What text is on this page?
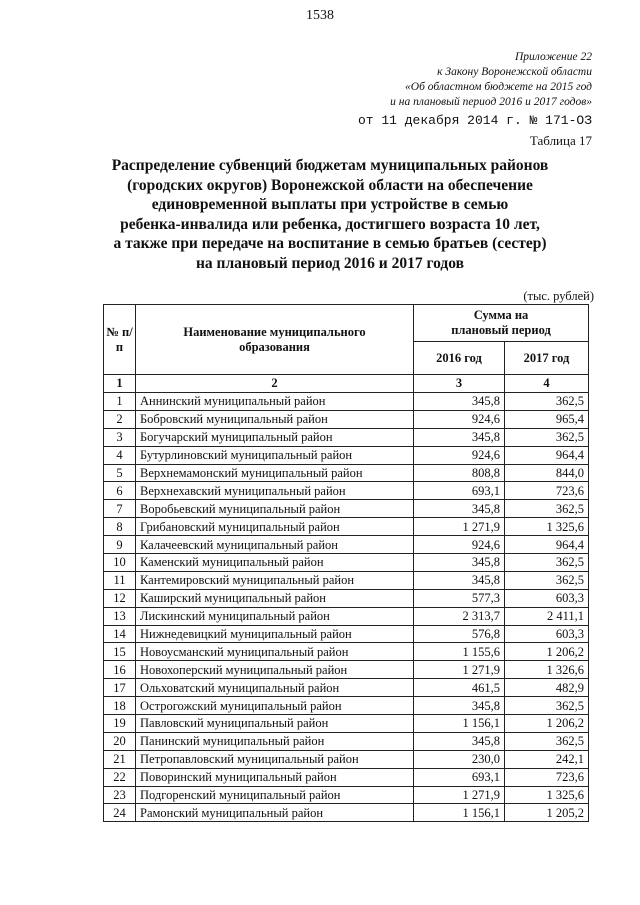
1538
Приложение 22
к Закону Воронежской области
«Об областном бюджете на 2015 год
и на плановый период 2016 и 2017 годов»
от 11 декабря 2014 г. № 171-ОЗ
Таблица 17
Распределение субвенций бюджетам муниципальных районов
(городских округов) Воронежской области на обеспечение
единовременной выплаты при устройстве в семью
ребенка-инвалида или ребенка, достигшего возраста 10 лет,
а также при передаче на воспитание в семью братьев (сестер)
на плановый период 2016 и 2017 годов
(тыс. рублей)
№ п/п	Наименование муниципального образования	Сумма на плановый период	
		2016 год	2017 год
1	2	3	4
1	Аннинский муниципальный район	345,8	362,5
2	Бобровский муниципальный район	924,6	965,4
3	Богучарский муниципальный район	345,8	362,5
4	Бутурлиновский муниципальный район	924,6	964,4
5	Верхнемамонский муниципальный район	808,8	844,0
6	Верхнехавский муниципальный район	693,1	723,6
7	Воробьевский муниципальный район	345,8	362,5
8	Грибановский муниципальный район	1 271,9	1 325,6
9	Калачеевский муниципальный район	924,6	964,4
10	Каменский муниципальный район	345,8	362,5
11	Кантемировский муниципальный район	345,8	362,5
12	Каширский муниципальный район	577,3	603,3
13	Лискинский муниципальный район	2 313,7	2 411,1
14	Нижнедевицкий муниципальный район	576,8	603,3
15	Новоусманский муниципальный район	1 155,6	1 206,2
16	Новохоперский муниципальный район	1 271,9	1 326,6
17	Ольховатский муниципальный район	461,5	482,9
18	Острогожский муниципальный район	345,8	362,5
19	Павловский муниципальный район	1 156,1	1 206,2
20	Панинский муниципальный район	345,8	362,5
21	Петропавловский муниципальный район	230,0	242,1
22	Поворинский муниципальный район	693,1	723,6
23	Подгоренский муниципальный район	1 271,9	1 325,6
24	Рамонский муниципальный район	1 156,1	1 205,2
